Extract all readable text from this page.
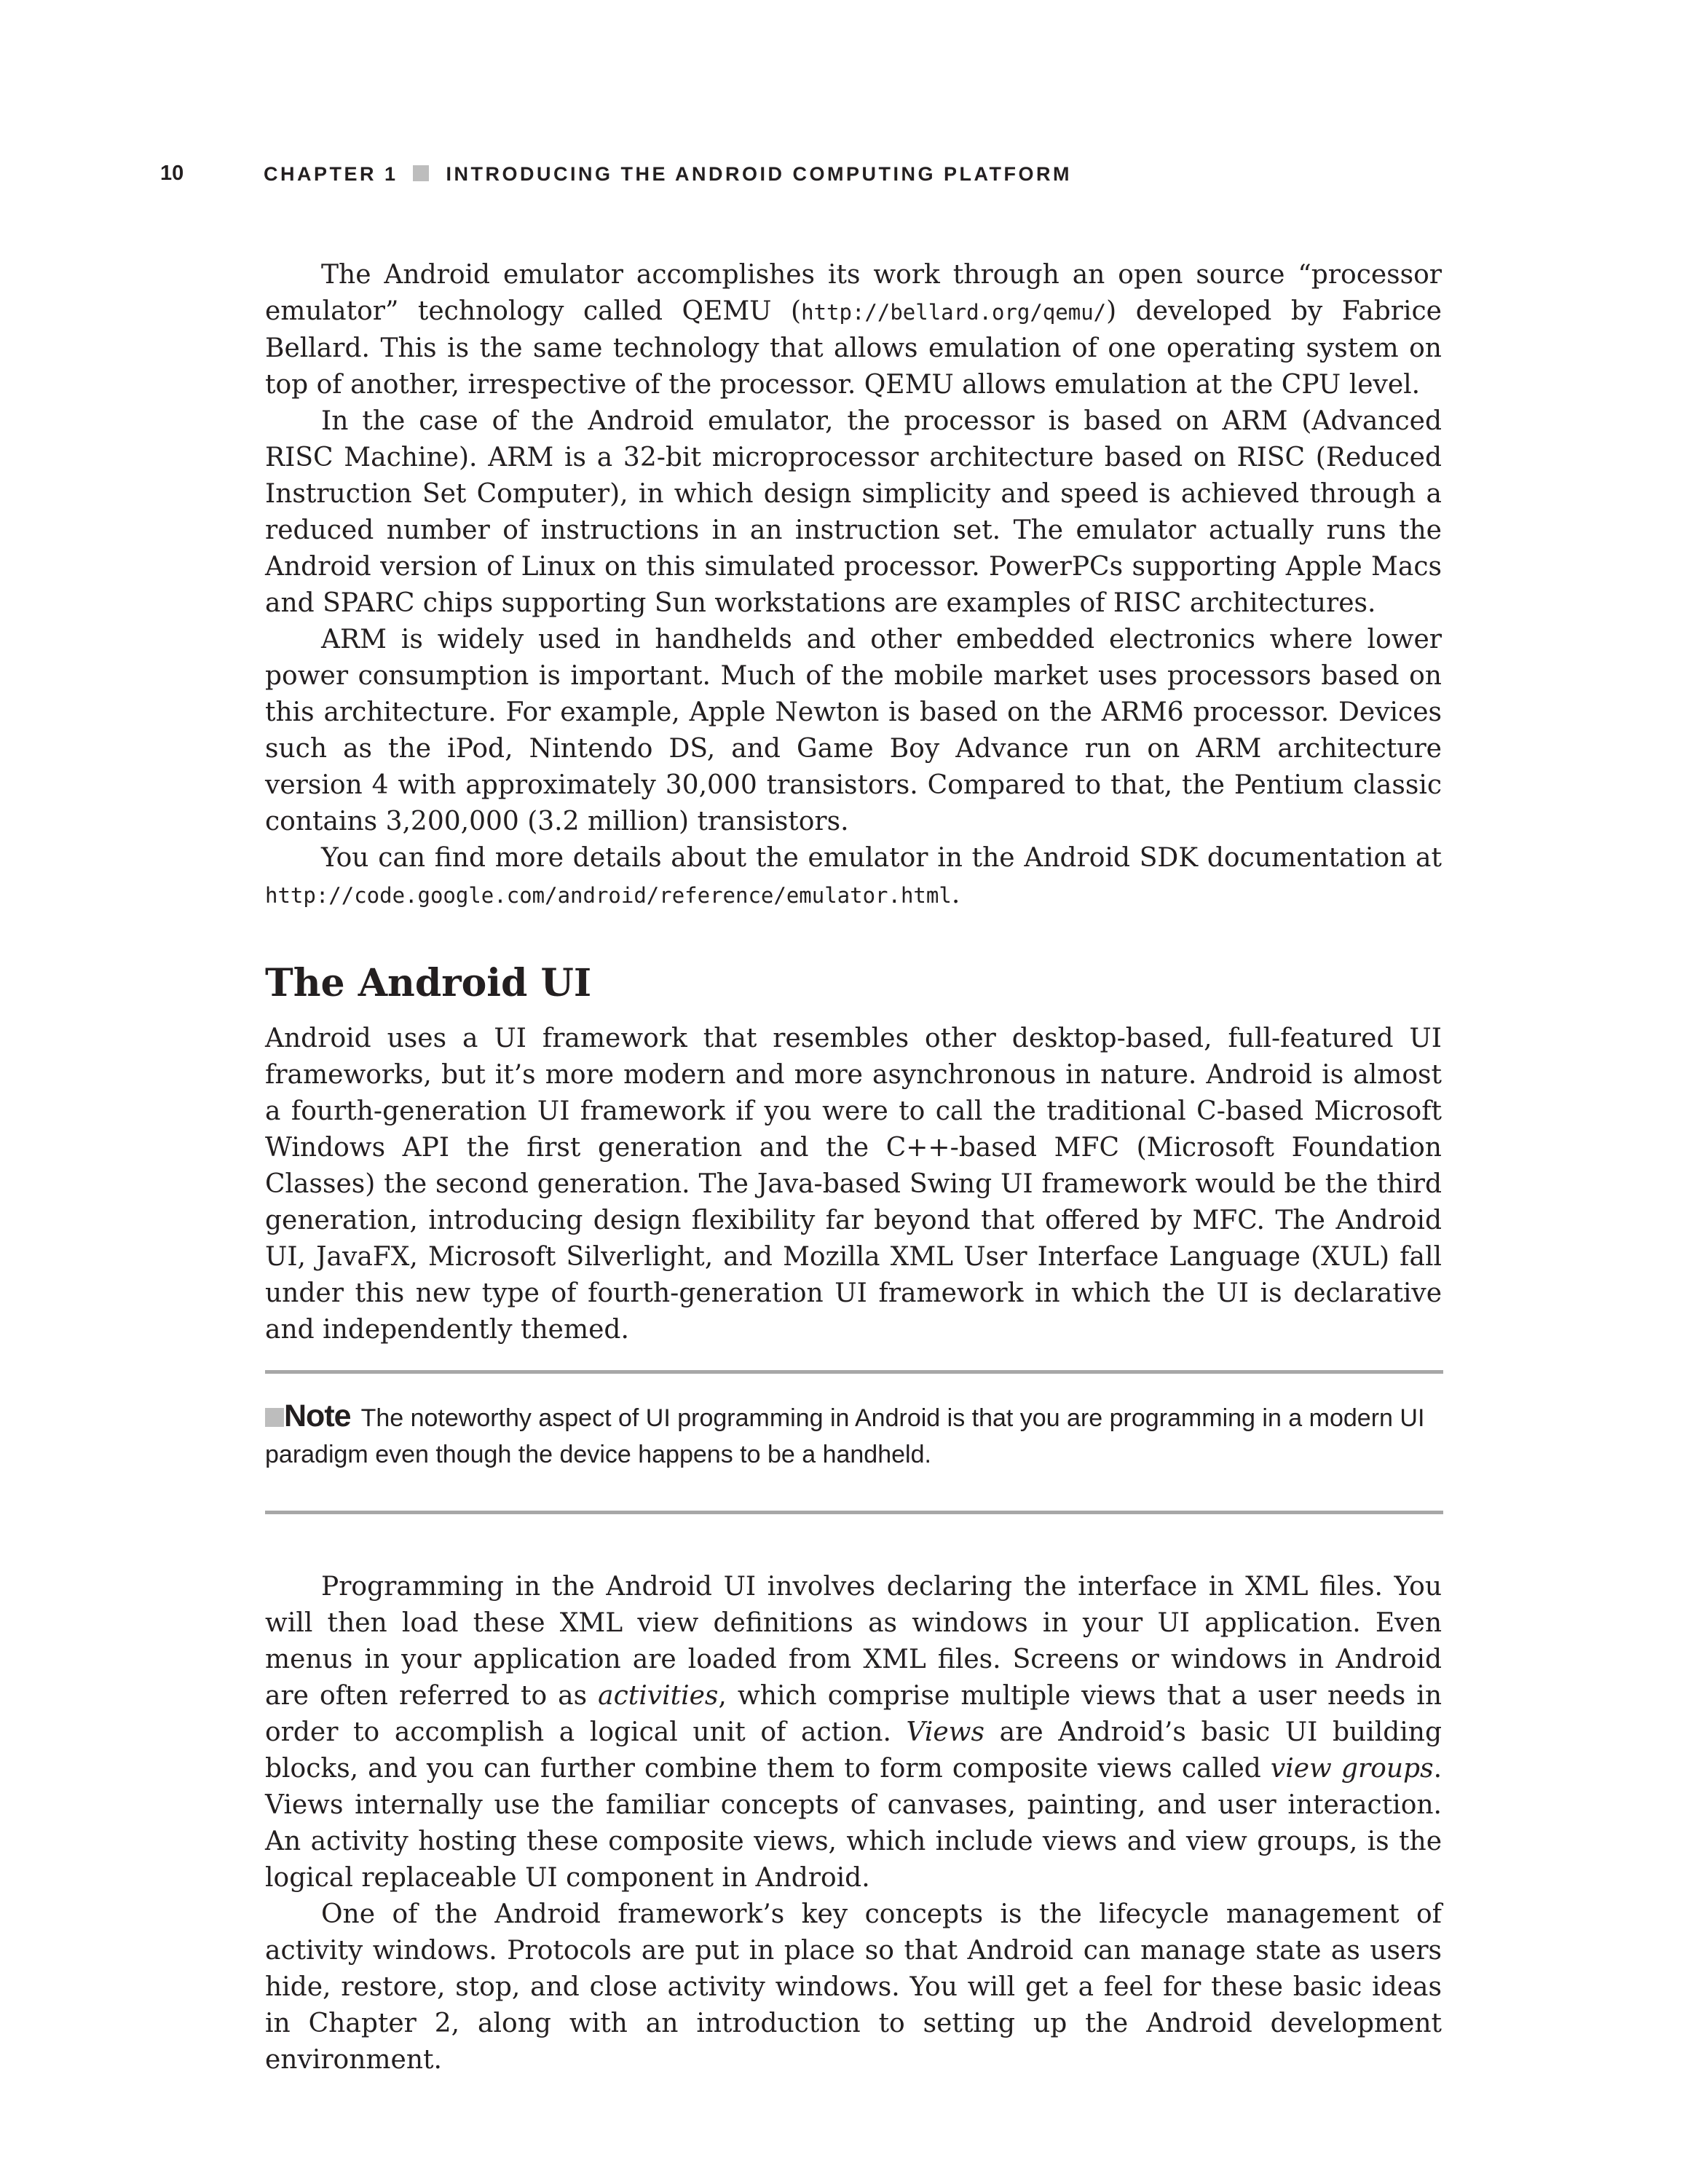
10	CHAPTER 1 INTRODUCING THE ANDROID COMPUTING PLATFORM

The Android emulator accomplishes its work through an open source “processor emulator” technology called QEMU (http://bellard.org/qemu/) developed by Fabrice Bellard. This is the same technology that allows emulation of one operating system on top of another, irrespective of the processor. QEMU allows emulation at the CPU level.

In the case of the Android emulator, the processor is based on ARM (Advanced RISC Machine). ARM is a 32-bit microprocessor architecture based on RISC (Reduced Instruction Set Computer), in which design simplicity and speed is achieved through a reduced number of instructions in an instruction set. The emulator actually runs the Android version of Linux on this simulated processor. PowerPCs supporting Apple Macs and SPARC chips supporting Sun workstations are examples of RISC architectures.

ARM is widely used in handhelds and other embedded electronics where lower power consumption is important. Much of the mobile market uses processors based on this architecture. For example, Apple Newton is based on the ARM6 processor. Devices such as the iPod, Nintendo DS, and Game Boy Advance run on ARM architecture version 4 with approximately 30,000 transistors. Compared to that, the Pentium classic contains 3,200,000 (3.2 million) transistors.

You can find more details about the emulator in the Android SDK documentation at http://code.google.com/android/reference/emulator.html.

The Android UI

Android uses a UI framework that resembles other desktop-based, full-featured UI frameworks, but it’s more modern and more asynchronous in nature. Android is almost a fourth-generation UI framework if you were to call the traditional C-based Microsoft Windows API the first generation and the C++-based MFC (Microsoft Foundation Classes) the second generation. The Java-based Swing UI framework would be the third generation, introducing design flexibility far beyond that offered by MFC. The Android UI, JavaFX, Microsoft Silverlight, and Mozilla XML User Interface Language (XUL) fall under this new type of fourth-generation UI framework in which the UI is declarative and independently themed.

Note The noteworthy aspect of UI programming in Android is that you are programming in a modern UI paradigm even though the device happens to be a handheld.

Programming in the Android UI involves declaring the interface in XML files. You will then load these XML view definitions as windows in your UI application. Even menus in your application are loaded from XML files. Screens or windows in Android are often referred to as activities, which comprise multiple views that a user needs in order to accomplish a logical unit of action. Views are Android’s basic UI building blocks, and you can further combine them to form composite views called view groups. Views internally use the familiar concepts of canvases, painting, and user interaction. An activity hosting these composite views, which include views and view groups, is the logical replaceable UI component in Android.

One of the Android framework’s key concepts is the lifecycle management of activity windows. Protocols are put in place so that Android can manage state as users hide, restore, stop, and close activity windows. You will get a feel for these basic ideas in Chapter 2, along with an introduction to setting up the Android development environment.
